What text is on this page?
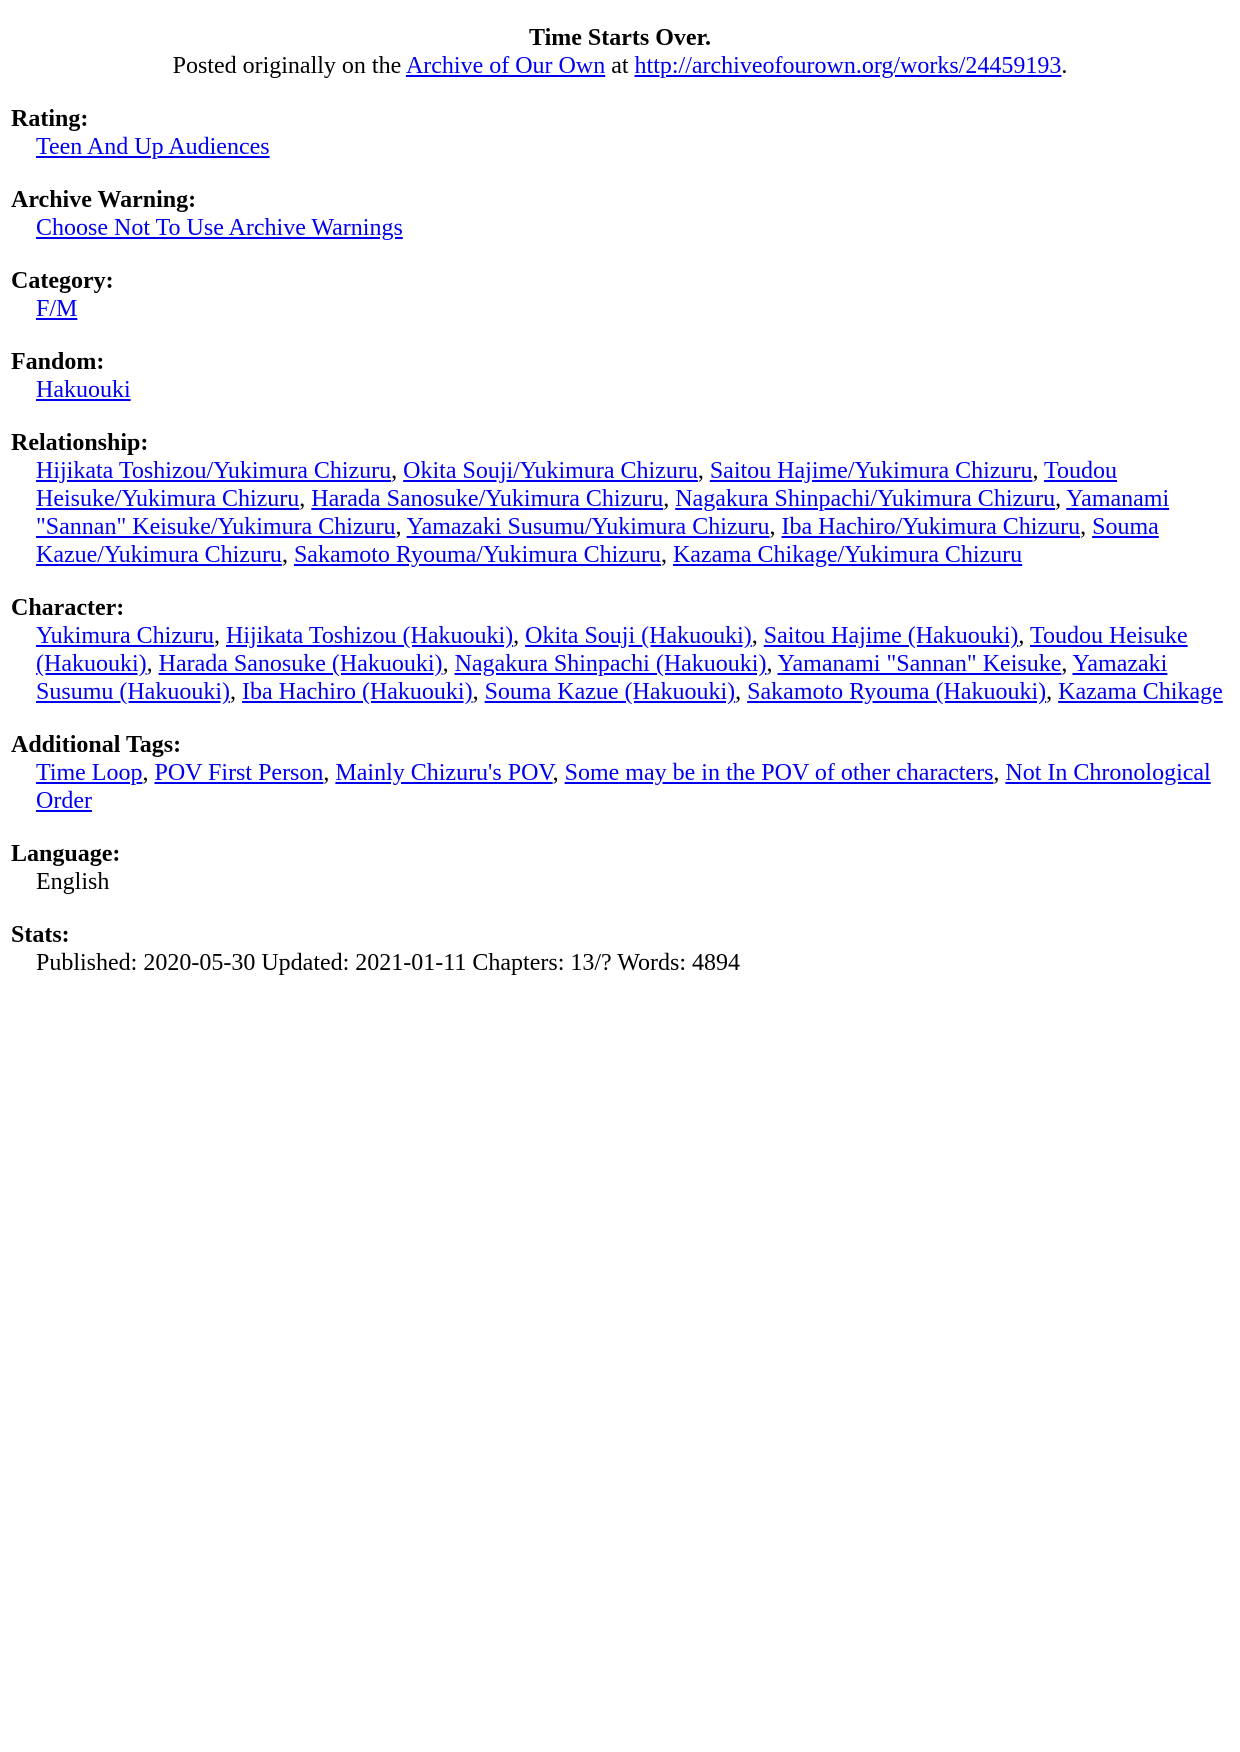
Time Starts Over.
Posted originally on the Archive of Our Own at http://archiveofourown.org/works/24459193.
Rating:
Teen And Up Audiences
Archive Warning:
Choose Not To Use Archive Warnings
Category:
F/M
Fandom:
Hakuouki
Relationship:
Hijikata Toshizou/Yukimura Chizuru, Okita Souji/Yukimura Chizuru, Saitou Hajime/Yukimura Chizuru, Toudou Heisuke/Yukimura Chizuru, Harada Sanosuke/Yukimura Chizuru, Nagakura Shinpachi/Yukimura Chizuru, Yamanami "Sannan" Keisuke/Yukimura Chizuru, Yamazaki Susumu/Yukimura Chizuru, Iba Hachiro/Yukimura Chizuru, Souma Kazue/Yukimura Chizuru, Sakamoto Ryouma/Yukimura Chizuru, Kazama Chikage/Yukimura Chizuru
Character:
Yukimura Chizuru, Hijikata Toshizou (Hakuouki), Okita Souji (Hakuouki), Saitou Hajime (Hakuouki), Toudou Heisuke (Hakuouki), Harada Sanosuke (Hakuouki), Nagakura Shinpachi (Hakuouki), Yamanami "Sannan" Keisuke, Yamazaki Susumu (Hakuouki), Iba Hachiro (Hakuouki), Souma Kazue (Hakuouki), Sakamoto Ryouma (Hakuouki), Kazama Chikage
Additional Tags:
Time Loop, POV First Person, Mainly Chizuru's POV, Some may be in the POV of other characters, Not In Chronological Order
Language:
English
Stats:
Published: 2020-05-30 Updated: 2021-01-11 Chapters: 13/? Words: 4894
